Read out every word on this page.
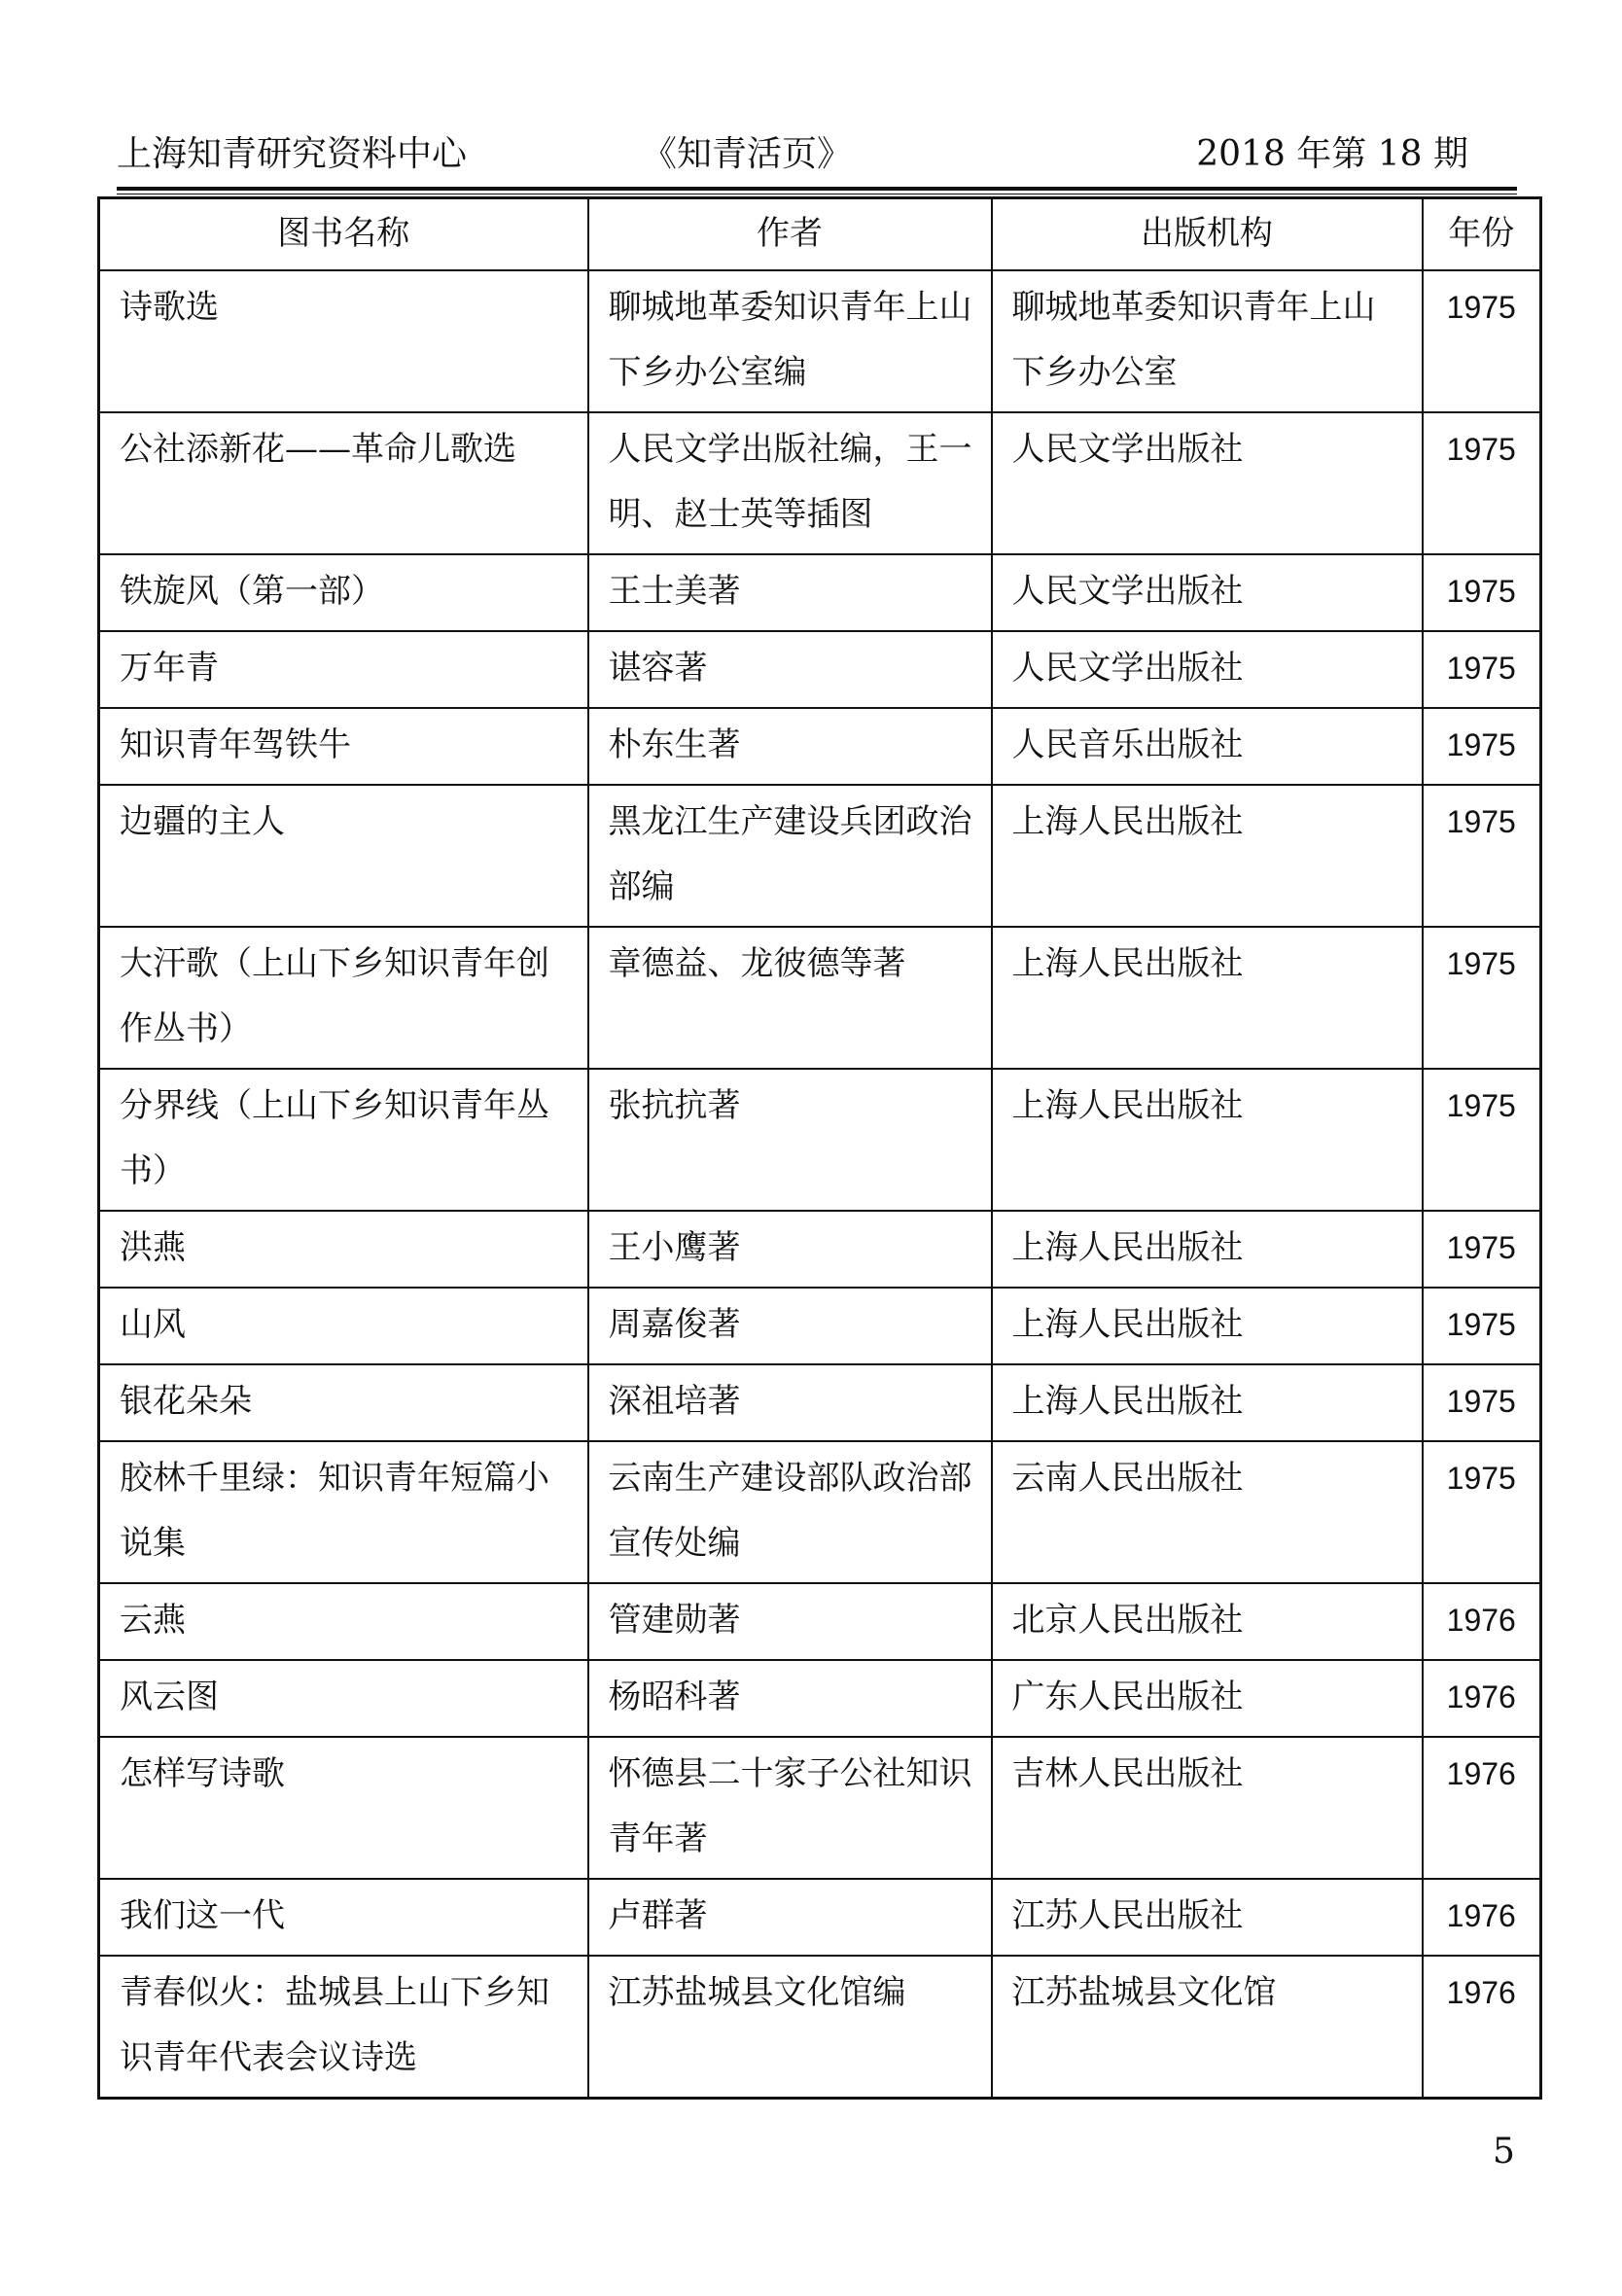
上海知青研究资料中心	《知青活页》	2018 年第 18 期
图书名称	作者	出版机构	年份
诗歌选	聊城地革委知识青年上山下乡办公室编	聊城地革委知识青年上山下乡办公室	1975
公社添新花——革命儿歌选	人民文学出版社编，王一明、赵士英等插图	人民文学出版社	1975
铁旋风（第一部）	王士美著	人民文学出版社	1975
万年青	谌容著	人民文学出版社	1975
知识青年驾铁牛	朴东生著	人民音乐出版社	1975
边疆的主人	黑龙江生产建设兵团政治部编	上海人民出版社	1975
大汗歌（上山下乡知识青年创作丛书）	章德益、龙彼德等著	上海人民出版社	1975
分界线（上山下乡知识青年丛书）	张抗抗著	上海人民出版社	1975
洪燕	王小鹰著	上海人民出版社	1975
山风	周嘉俊著	上海人民出版社	1975
银花朵朵	深祖培著	上海人民出版社	1975
胶林千里绿：知识青年短篇小说集	云南生产建设部队政治部宣传处编	云南人民出版社	1975
云燕	管建勋著	北京人民出版社	1976
风云图	杨昭科著	广东人民出版社	1976
怎样写诗歌	怀德县二十家子公社知识青年著	吉林人民出版社	1976
我们这一代	卢群著	江苏人民出版社	1976
青春似火：盐城县上山下乡知识青年代表会议诗选	江苏盐城县文化馆编	江苏盐城县文化馆	1976
5
